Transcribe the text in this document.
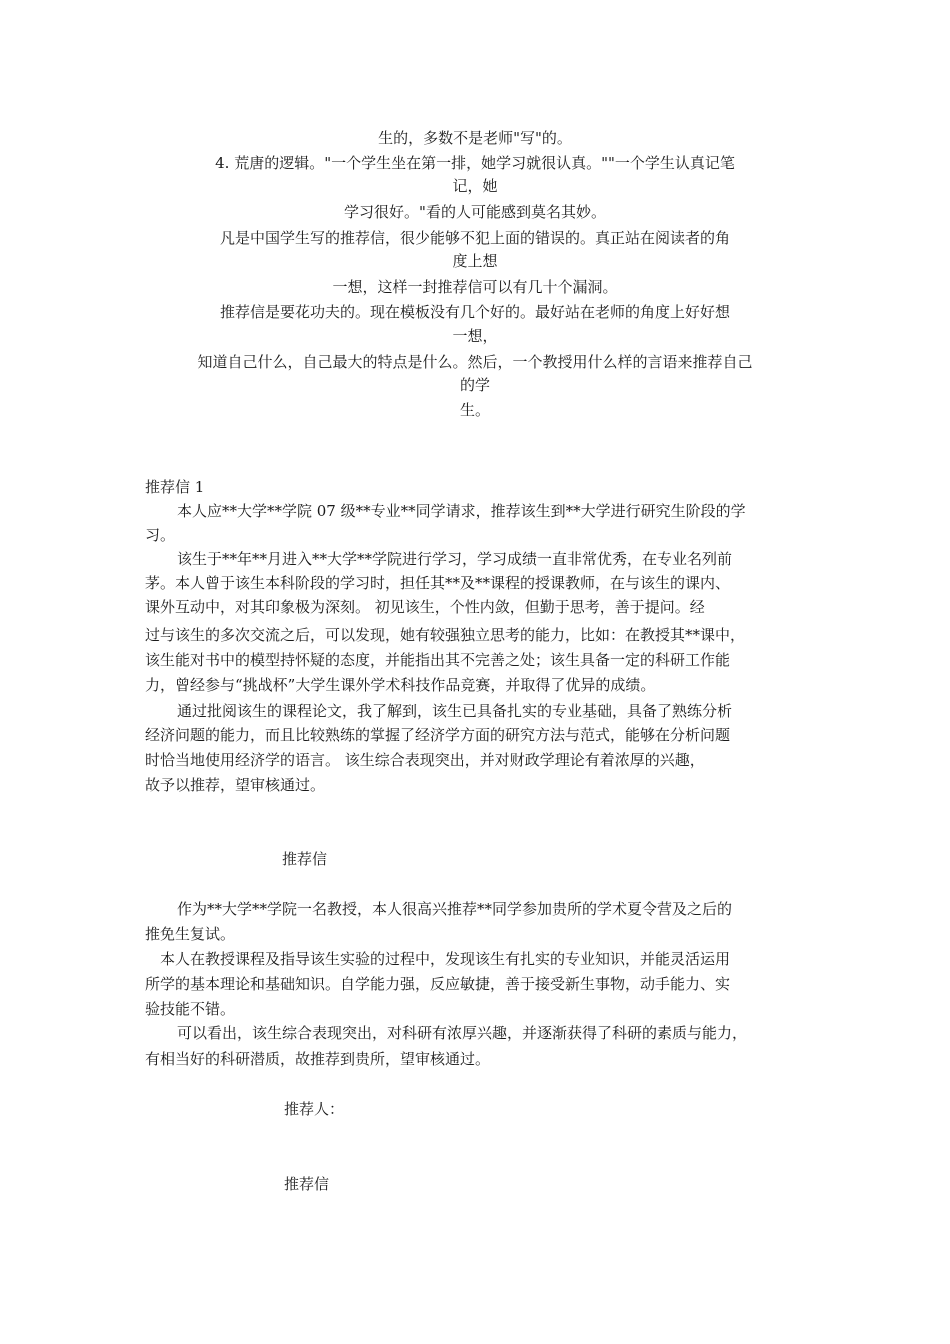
生的，多数不是老师"写"的。
4. 荒唐的逻辑。"一个学生坐在第一排，她学习就很认真。""一个学生认真记笔
记，她
学习很好。"看的人可能感到莫名其妙。
凡是中国学生写的推荐信，很少能够不犯上面的错误的。真正站在阅读者的角
度上想
一想，这样一封推荐信可以有几十个漏洞。
推荐信是要花功夫的。现在模板没有几个好的。最好站在老师的角度上好好想
一想，
知道自己什么，自己最大的特点是什么。然后，一个教授用什么样的言语来推荐自己
的学
生。
推荐信 1
本人应**大学**学院 07 级**专业**同学请求，推荐该生到**大学进行研究生阶段的学
习。
该生于**年**月进入**大学**学院进行学习，学习成绩一直非常优秀，在专业名列前
茅。本人曾于该生本科阶段的学习时，担任其**及**课程的授课教师，在与该生的课内、
课外互动中，对其印象极为深刻。 初见该生，个性内敛，但勤于思考，善于提问。经
过与该生的多次交流之后，可以发现，她有较强独立思考的能力，比如：在教授其**课中，
该生能对书中的模型持怀疑的态度，并能指出其不完善之处；该生具备一定的科研工作能
力，曾经参与“挑战杯”大学生课外学术科技作品竞赛，并取得了优异的成绩。
通过批阅该生的课程论文，我了解到，该生已具备扎实的专业基础，具备了熟练分析
经济问题的能力，而且比较熟练的掌握了经济学方面的研究方法与范式，能够在分析问题
时恰当地使用经济学的语言。 该生综合表现突出，并对财政学理论有着浓厚的兴趣，
故予以推荐，望审核通过。
推荐信
作为**大学**学院一名教授，本人很高兴推荐**同学参加贵所的学术夏令营及之后的
推免生复试。
本人在教授课程及指导该生实验的过程中，发现该生有扎实的专业知识，并能灵活运用
所学的基本理论和基础知识。自学能力强，反应敏捷，善于接受新生事物，动手能力、实
验技能不错。
可以看出，该生综合表现突出，对科研有浓厚兴趣，并逐渐获得了科研的素质与能力，
有相当好的科研潜质，故推荐到贵所，望审核通过。
推荐人：
推荐信
